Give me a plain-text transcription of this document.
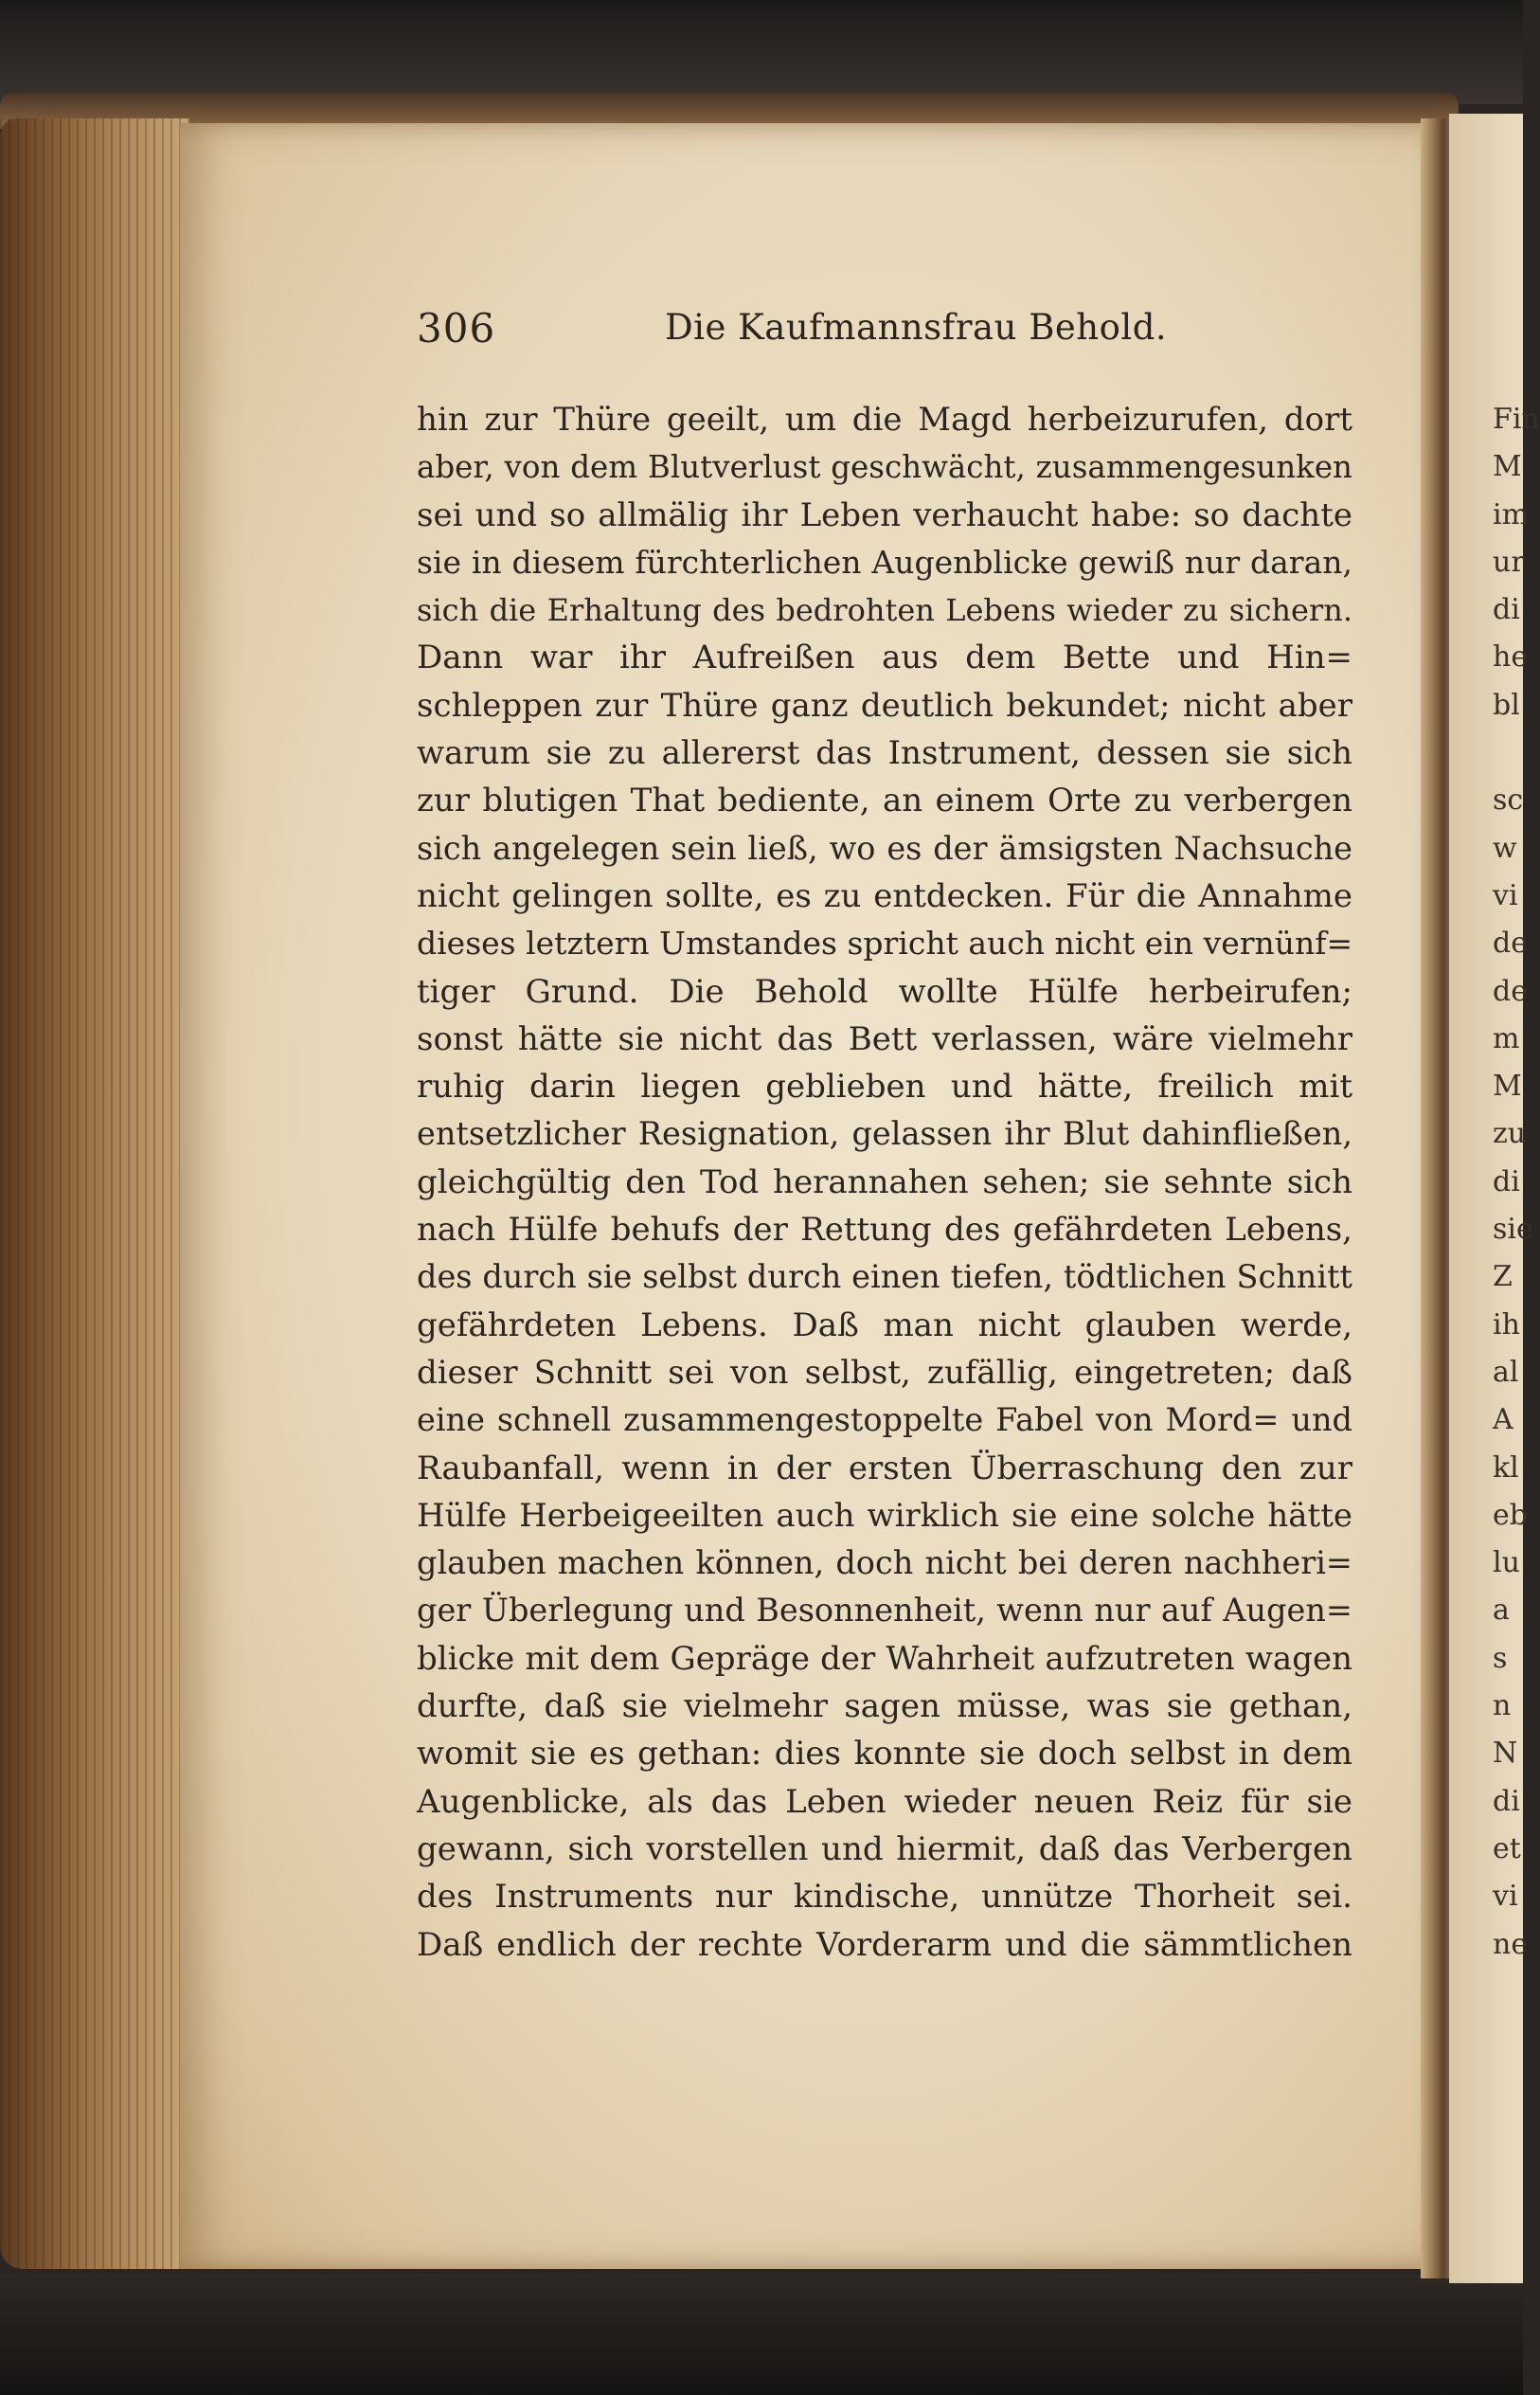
306	Die Kaufmannsfrau Behold.
hin zur Thüre geeilt, um die Magd herbeizurufen, dort
aber, von dem Blutverlust geschwächt, zusammengesunken
sei und so allmälig ihr Leben verhaucht habe: so dachte
sie in diesem fürchterlichen Augenblicke gewiß nur daran,
sich die Erhaltung des bedrohten Lebens wieder zu sichern.
Dann war ihr Aufreißen aus dem Bette und Hin=
schleppen zur Thüre ganz deutlich bekundet; nicht aber
warum sie zu allererst das Instrument, dessen sie sich
zur blutigen That bediente, an einem Orte zu verbergen
sich angelegen sein ließ, wo es der ämsigsten Nachsuche
nicht gelingen sollte, es zu entdecken. Für die Annahme
dieses letztern Umstandes spricht auch nicht ein vernünf=
tiger Grund. Die Behold wollte Hülfe herbeirufen;
sonst hätte sie nicht das Bett verlassen, wäre vielmehr
ruhig darin liegen geblieben und hätte, freilich mit
entsetzlicher Resignation, gelassen ihr Blut dahinfließen,
gleichgültig den Tod herannahen sehen; sie sehnte sich
nach Hülfe behufs der Rettung des gefährdeten Lebens,
des durch sie selbst durch einen tiefen, tödtlichen Schnitt
gefährdeten Lebens. Daß man nicht glauben werde,
dieser Schnitt sei von selbst, zufällig, eingetreten; daß
eine schnell zusammengestoppelte Fabel von Mord= und
Raubanfall, wenn in der ersten Überraschung den zur
Hülfe Herbeigeeilten auch wirklich sie eine solche hätte
glauben machen können, doch nicht bei deren nachheri=
ger Überlegung und Besonnenheit, wenn nur auf Augen=
blicke mit dem Gepräge der Wahrheit aufzutreten wagen
durfte, daß sie vielmehr sagen müsse, was sie gethan,
womit sie es gethan: dies konnte sie doch selbst in dem
Augenblicke, als das Leben wieder neuen Reiz für sie
gewann, sich vorstellen und hiermit, daß das Verbergen
des Instruments nur kindische, unnütze Thorheit sei.
Daß endlich der rechte Vorderarm und die sämmtlichen
Fin
M
im
ur
di
he
bl
sc
w
vi
de
de
m
M
zu
di
sie
Z
ih
al
A
kl
eb
lu
a
s
n
N
di
et
vi
ne
